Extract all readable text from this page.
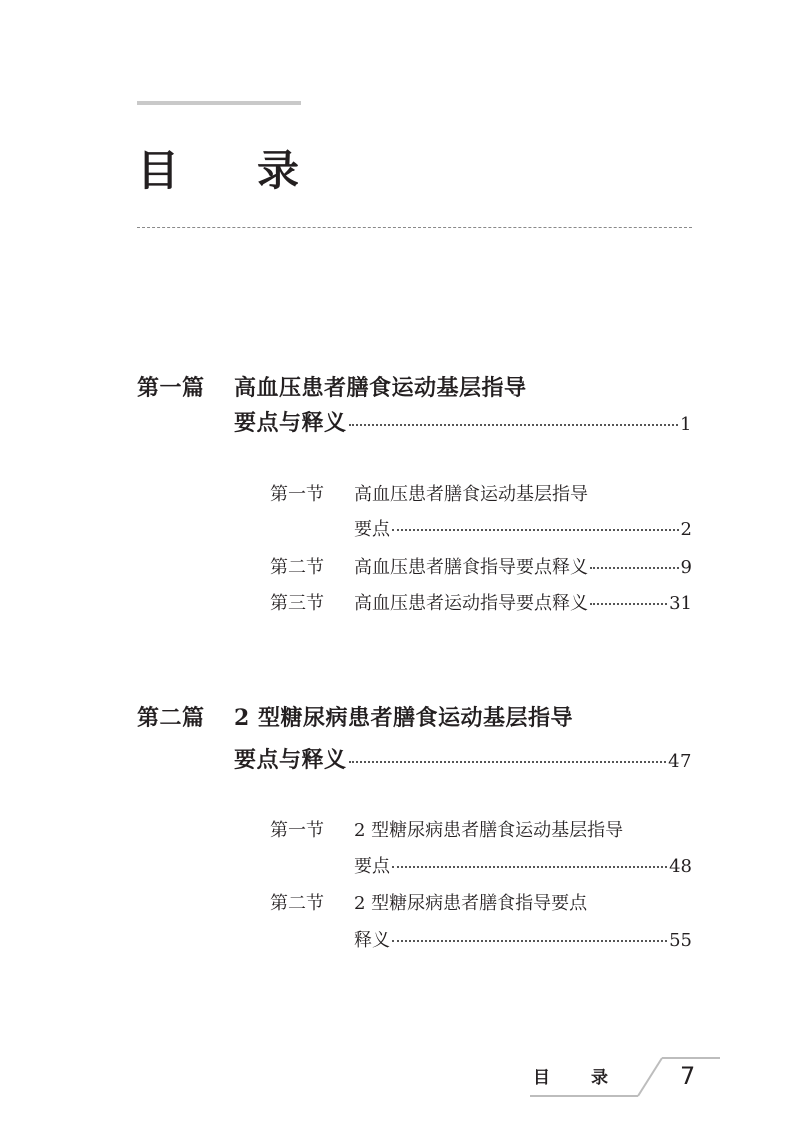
目 录
第一篇 高血压患者膳食运动基层指导
要点与释义	1
第一节 高血压患者膳食运动基层指导
要点	2
第二节 高血压患者膳食指导要点释义	9
第三节 高血压患者运动指导要点释义	31
第二篇 2 型糖尿病患者膳食运动基层指导
要点与释义	47
第一节 2 型糖尿病患者膳食运动基层指导
要点	48
第二节 2 型糖尿病患者膳食指导要点
释义	55
目 录	7
